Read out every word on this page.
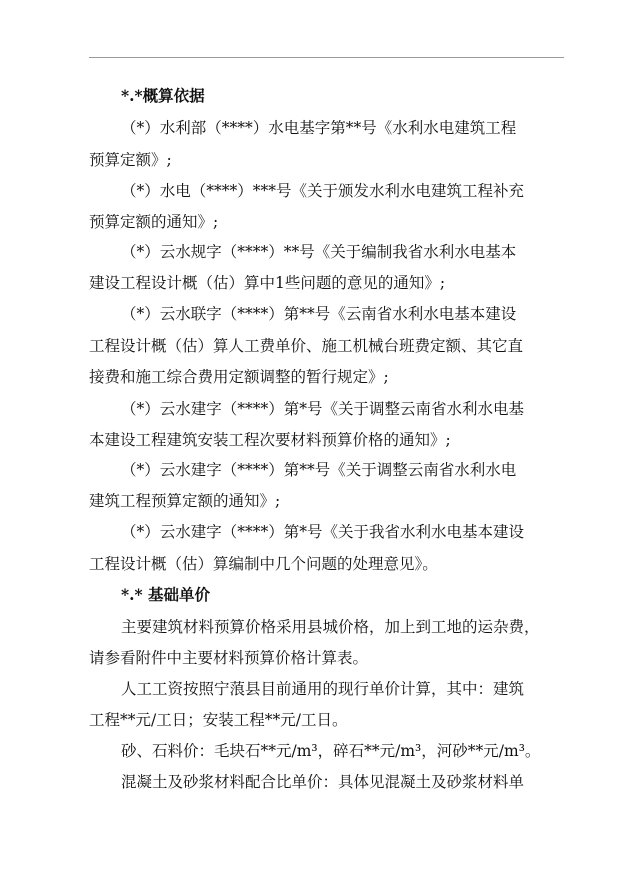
*.*概算依据
（*）水利部（****）水电基字第**号《水利水电建筑工程
预算定额》;
（*）水电（****）***号《关于颁发水利水电建筑工程补充
预算定额的通知》;
（*）云水规字（****）**号《关于编制我省水利水电基本
建设工程设计概（估）算中1些问题的意见的通知》;
（*）云水联字（****）第**号《云南省水利水电基本建设
工程设计概（估）算人工费单价、施工机械台班费定额、其它直
接费和施工综合费用定额调整的暂行规定》;
（*）云水建字（****）第*号《关于调整云南省水利水电基
本建设工程建筑安装工程次要材料预算价格的通知》;
（*）云水建字（****）第**号《关于调整云南省水利水电
建筑工程预算定额的通知》;
（*）云水建字（****）第*号《关于我省水利水电基本建设
工程设计概（估）算编制中几个问题的处理意见》。
*.* 基础单价
主要建筑材料预算价格采用县城价格，加上到工地的运杂费，
请参看附件中主要材料预算价格计算表。
人工工资按照宁蒗县目前通用的现行单价计算，其中：建筑
工程**元/工日；安装工程**元/工日。
砂、石料价：毛块石**元/m³，碎石**元/m³，河砂**元/m³。
混凝土及砂浆材料配合比单价：具体见混凝土及砂浆材料单
